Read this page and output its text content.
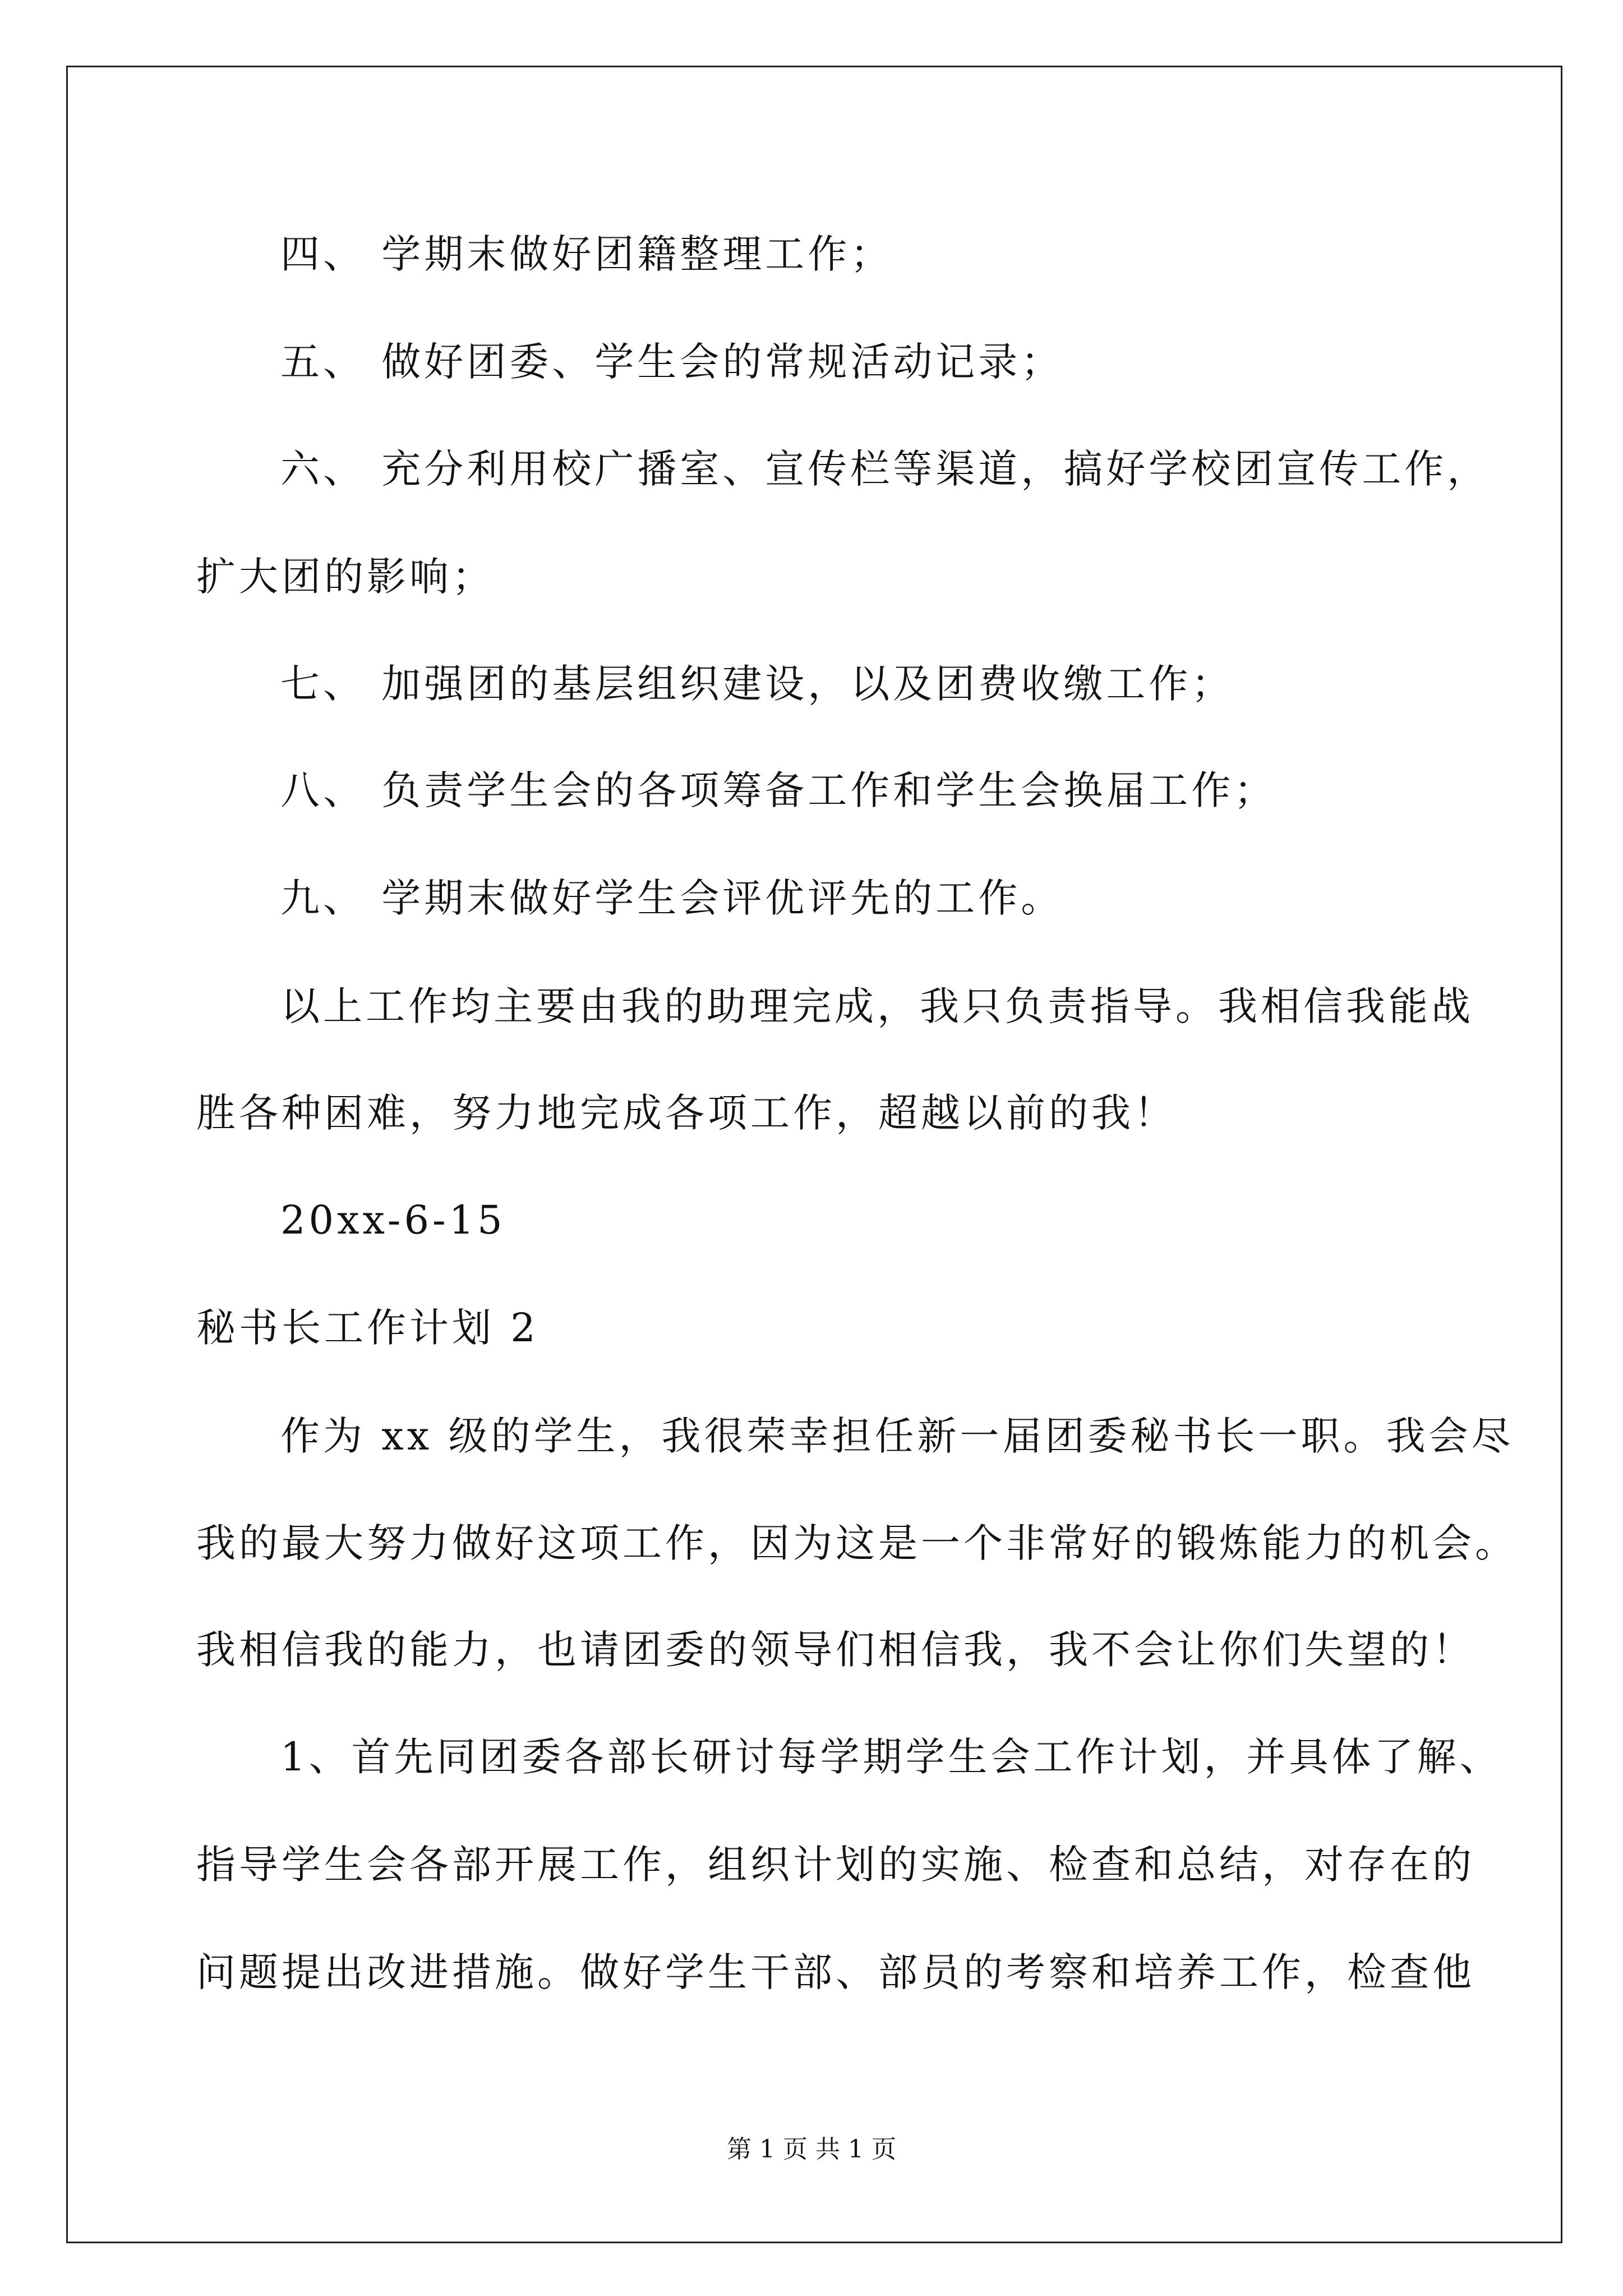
四、 学期末做好团籍整理工作；
五、 做好团委、学生会的常规活动记录；
六、 充分利用校广播室、宣传栏等渠道，搞好学校团宣传工作，
扩大团的影响；
七、 加强团的基层组织建设，以及团费收缴工作；
八、 负责学生会的各项筹备工作和学生会换届工作；
九、 学期末做好学生会评优评先的工作。
以上工作均主要由我的助理完成，我只负责指导。我相信我能战
胜各种困难，努力地完成各项工作，超越以前的我！
20xx-6-15
秘书长工作计划 2
作为 xx 级的学生，我很荣幸担任新一届团委秘书长一职。我会尽
我的最大努力做好这项工作，因为这是一个非常好的锻炼能力的机会。
我相信我的能力，也请团委的领导们相信我，我不会让你们失望的！
1、首先同团委各部长研讨每学期学生会工作计划，并具体了解、
指导学生会各部开展工作，组织计划的实施、检查和总结，对存在的
问题提出改进措施。做好学生干部、部员的考察和培养工作，检查他
第 1 页 共 1 页
